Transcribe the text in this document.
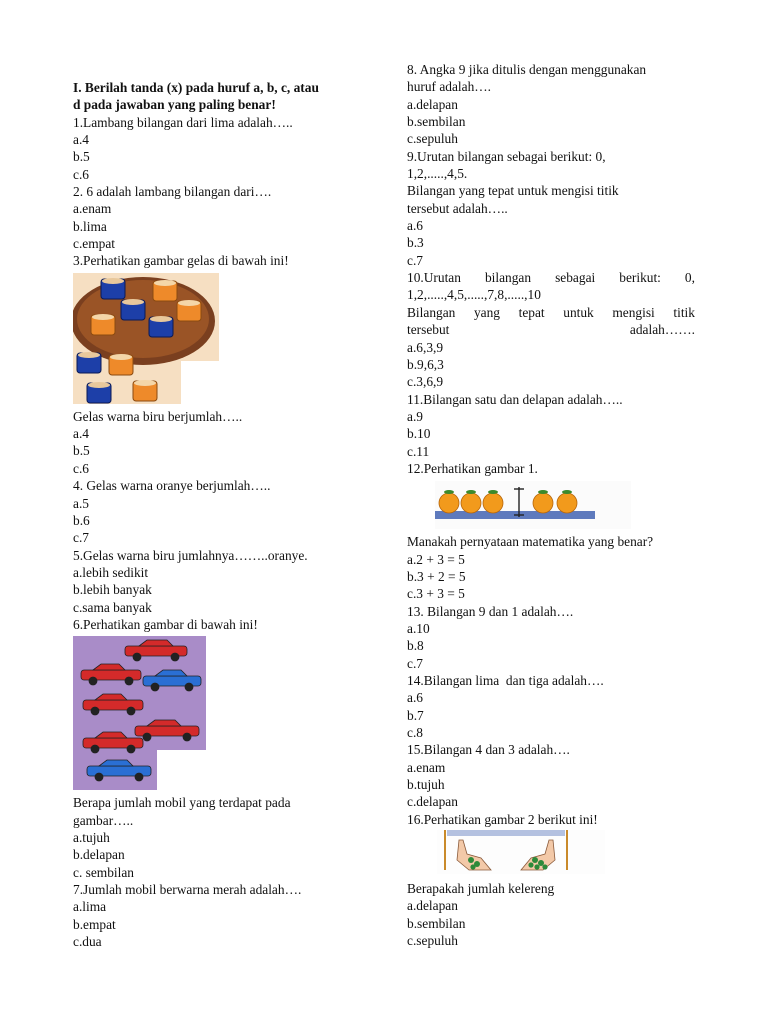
I. Berilah tanda (x) pada huruf a, b, c, atau
d pada jawaban yang paling benar!
1.Lambang bilangan dari lima adalah…..
a.4
b.5
c.6
2. 6 adalah lambang bilangan dari….
a.enam
b.lima
c.empat
3.Perhatikan gambar gelas di bawah ini!
Gelas warna biru berjumlah…..
a.4
b.5
c.6
4. Gelas warna oranye berjumlah…..
a.5
b.6
c.7
5.Gelas warna biru jumlahnya……..oranye.
a.lebih sedikit
b.lebih banyak
c.sama banyak
6.Perhatikan gambar di bawah ini!
Berapa jumlah mobil yang terdapat pada
gambar…..
a.tujuh
b.delapan
c. sembilan
7.Jumlah mobil berwarna merah adalah….
a.lima
b.empat
c.dua
8. Angka 9 jika ditulis dengan menggunakan
huruf adalah….
a.delapan
b.sembilan
c.sepuluh
9.Urutan bilangan sebagai berikut: 0,
1,2,.....,4,5.
Bilangan yang tepat untuk mengisi titik
tersebut adalah…..
a.6
b.3
c.7
10.Urutan bilangan sebagai berikut: 0,
1,2,.....,4,5,.....,7,8,.....,10
Bilangan yang tepat untuk mengisi titik
tersebut	adalah…….
a.6,3,9
b.9,6,3
c.3,6,9
11.Bilangan satu dan delapan adalah…..
a.9
b.10
c.11
12.Perhatikan gambar 1.
Manakah pernyataan matematika yang benar?
a.2 + 3 = 5
b.3 + 2 = 5
c.3 + 3 = 5
13. Bilangan 9 dan 1 adalah….
a.10
b.8
c.7
14.Bilangan lima  dan tiga adalah….
a.6
b.7
c.8
15.Bilangan 4 dan 3 adalah….
a.enam
b.tujuh
c.delapan
16.Perhatikan gambar 2 berikut ini!
Berapakah jumlah kelereng
a.delapan
b.sembilan
c.sepuluh
